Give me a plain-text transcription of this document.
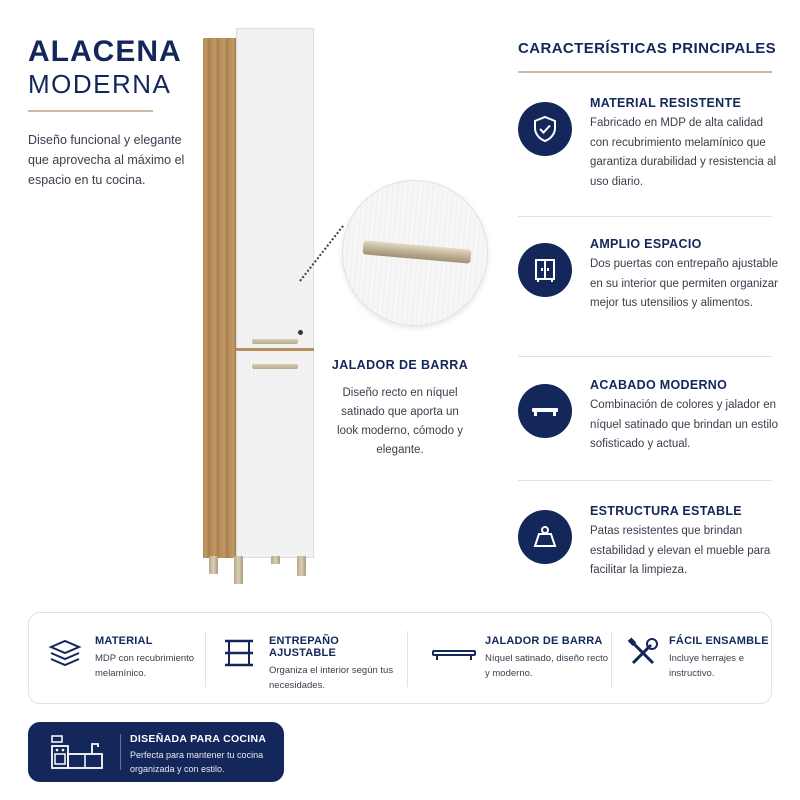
ALACENA
MODERNA
Diseño funcional y elegante que aprovecha al máximo el espacio en tu cocina.
JALADOR DE BARRA
Diseño recto en níquel satinado que aporta un look moderno, cómodo y elegante.
CARACTERÍSTICAS PRINCIPALES
MATERIAL RESISTENTE
Fabricado en MDP de alta calidad con recubrimiento melamínico que garantiza durabilidad y resistencia al uso diario.
AMPLIO ESPACIO
Dos puertas con entrepaño ajustable en su interior que permiten organizar mejor tus utensilios y alimentos.
ACABADO MODERNO
Combinación de colores y jalador en níquel satinado que brindan un estilo sofisticado y actual.
ESTRUCTURA ESTABLE
Patas resistentes que brindan estabilidad y elevan el mueble para facilitar la limpieza.
MATERIAL
MDP con recubrimiento melamínico.
ENTREPAÑO AJUSTABLE
Organiza el interior según tus necesidades.
JALADOR DE BARRA
Níquel satinado, diseño recto y moderno.
FÁCIL ENSAMBLE
Incluye herrajes e instructivo.
DISEÑADA PARA COCINA
Perfecta para mantener tu cocina organizada y con estilo.
